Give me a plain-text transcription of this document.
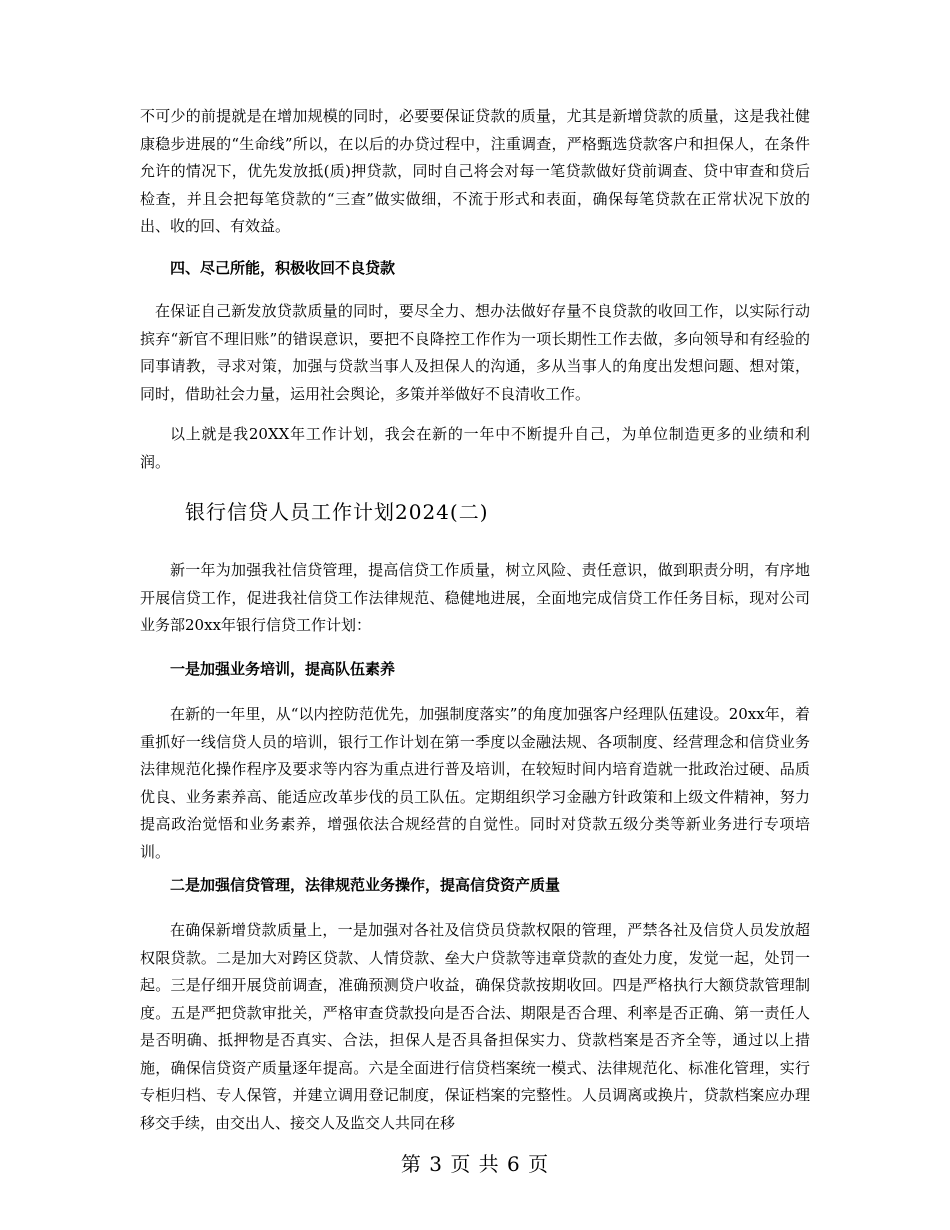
不可少的前提就是在增加规模的同时，必要要保证贷款的质量，尤其是新增贷款的质量，这是我社健康稳步进展的“生命线”所以，在以后的办贷过程中，注重调查，严格甄选贷款客户和担保人，在条件允许的情况下，优先发放抵(质)押贷款，同时自己将会对每一笔贷款做好贷前调查、贷中审查和贷后检查，并且会把每笔贷款的“三查”做实做细，不流于形式和表面，确保每笔贷款在正常状况下放的出、收的回、有效益。

四、尽己所能，积极收回不良贷款

在保证自己新发放贷款质量的同时，要尽全力、想办法做好存量不良贷款的收回工作，以实际行动摈弃“新官不理旧账”的错误意识，要把不良降控工作作为一项长期性工作去做，多向领导和有经验的同事请教，寻求对策，加强与贷款当事人及担保人的沟通，多从当事人的角度出发想问题、想对策，同时，借助社会力量，运用社会舆论，多策并举做好不良清收工作。

以上就是我20XX年工作计划，我会在新的一年中不断提升自己，为单位制造更多的业绩和利润。

银行信贷人员工作计划2024(二)

新一年为加强我社信贷管理，提高信贷工作质量，树立风险、责任意识，做到职责分明，有序地开展信贷工作，促进我社信贷工作法律规范、稳健地进展，全面地完成信贷工作任务目标，现对公司业务部20xx年银行信贷工作计划：

一是加强业务培训，提高队伍素养

在新的一年里，从“以内控防范优先，加强制度落实”的角度加强客户经理队伍建设。20xx年，着重抓好一线信贷人员的培训，银行工作计划在第一季度以金融法规、各项制度、经营理念和信贷业务法律规范化操作程序及要求等内容为重点进行普及培训，在较短时间内培育造就一批政治过硬、品质优良、业务素养高、能适应改革步伐的员工队伍。定期组织学习金融方针政策和上级文件精神，努力提高政治觉悟和业务素养，增强依法合规经营的自觉性。同时对贷款五级分类等新业务进行专项培训。

二是加强信贷管理，法律规范业务操作，提高信贷资产质量

在确保新增贷款质量上，一是加强对各社及信贷员贷款权限的管理，严禁各社及信贷人员发放超权限贷款。二是加大对跨区贷款、人情贷款、垒大户贷款等违章贷款的查处力度，发觉一起，处罚一起。三是仔细开展贷前调查，准确预测贷户收益，确保贷款按期收回。四是严格执行大额贷款管理制度。五是严把贷款审批关，严格审查贷款投向是否合法、期限是否合理、利率是否正确、第一责任人是否明确、抵押物是否真实、合法，担保人是否具备担保实力、贷款档案是否齐全等，通过以上措施，确保信贷资产质量逐年提高。六是全面进行信贷档案统一模式、法律规范化、标准化管理，实行专柜归档、专人保管，并建立调用登记制度，保证档案的完整性。人员调离或换片，贷款档案应办理移交手续，由交出人、接交人及监交人共同在移

第 3 页 共 6 页
